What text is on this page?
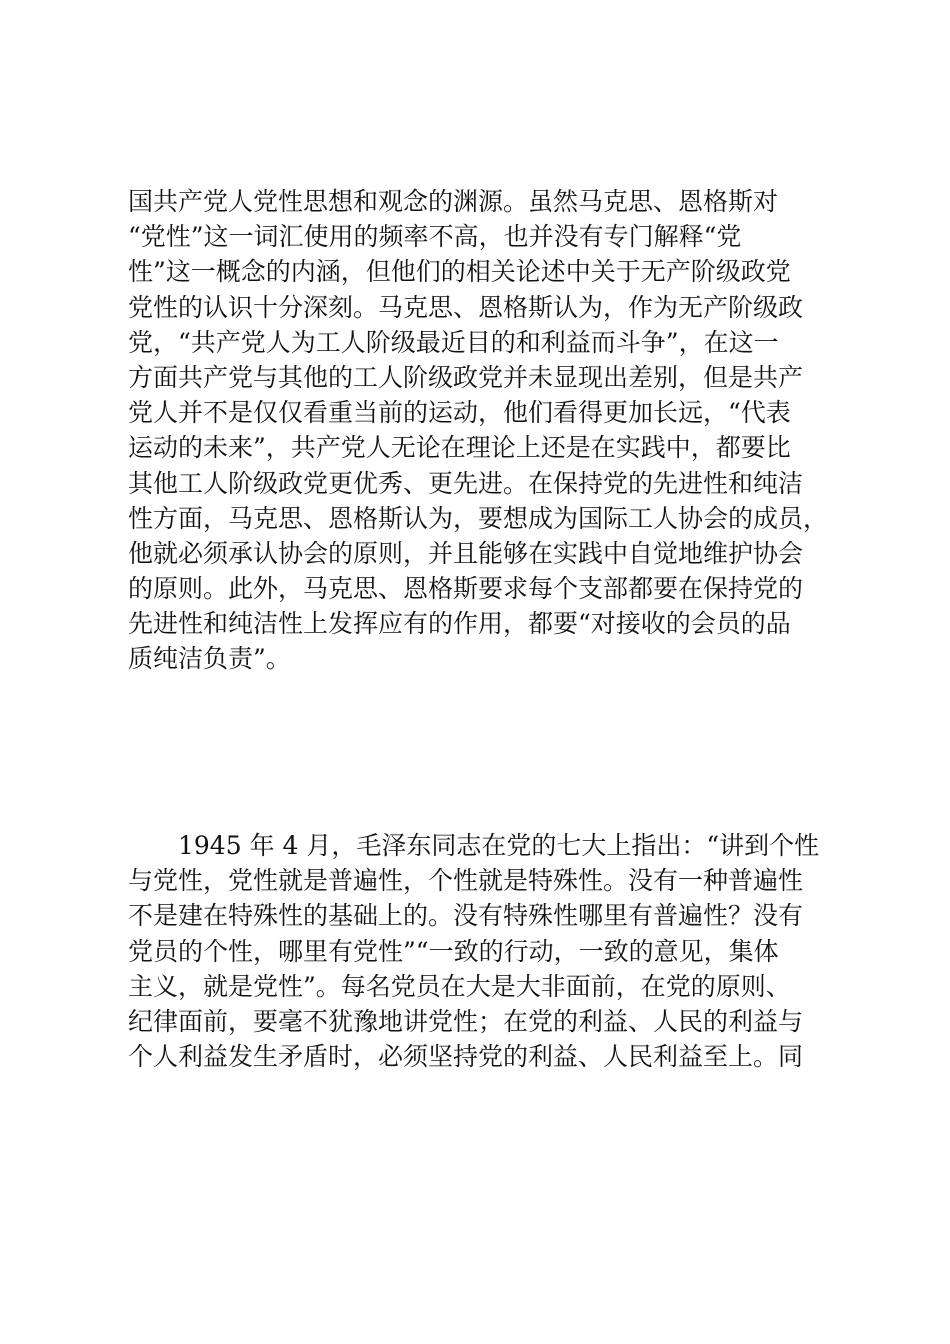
国共产党人党性思想和观念的渊源。虽然马克思、恩格斯对
“党性”这一词汇使用的频率不高，也并没有专门解释“党
性”这一概念的内涵，但他们的相关论述中关于无产阶级政党
党性的认识十分深刻。马克思、恩格斯认为，作为无产阶级政
党，“共产党人为工人阶级最近目的和利益而斗争”，在这一
方面共产党与其他的工人阶级政党并未显现出差别，但是共产
党人并不是仅仅看重当前的运动，他们看得更加长远，“代表
运动的未来”，共产党人无论在理论上还是在实践中，都要比
其他工人阶级政党更优秀、更先进。在保持党的先进性和纯洁
性方面，马克思、恩格斯认为，要想成为国际工人协会的成员，
他就必须承认协会的原则，并且能够在实践中自觉地维护协会
的原则。此外，马克思、恩格斯要求每个支部都要在保持党的
先进性和纯洁性上发挥应有的作用，都要“对接收的会员的品
质纯洁负责”。
1945 年 4 月，毛泽东同志在党的七大上指出：“讲到个性
与党性，党性就是普遍性，个性就是特殊性。没有一种普遍性
不是建在特殊性的基础上的。没有特殊性哪里有普遍性？没有
党员的个性，哪里有党性”“一致的行动，一致的意见，集体
主义，就是党性”。每名党员在大是大非面前，在党的原则、
纪律面前，要毫不犹豫地讲党性；在党的利益、人民的利益与
个人利益发生矛盾时，必须坚持党的利益、人民利益至上。同
